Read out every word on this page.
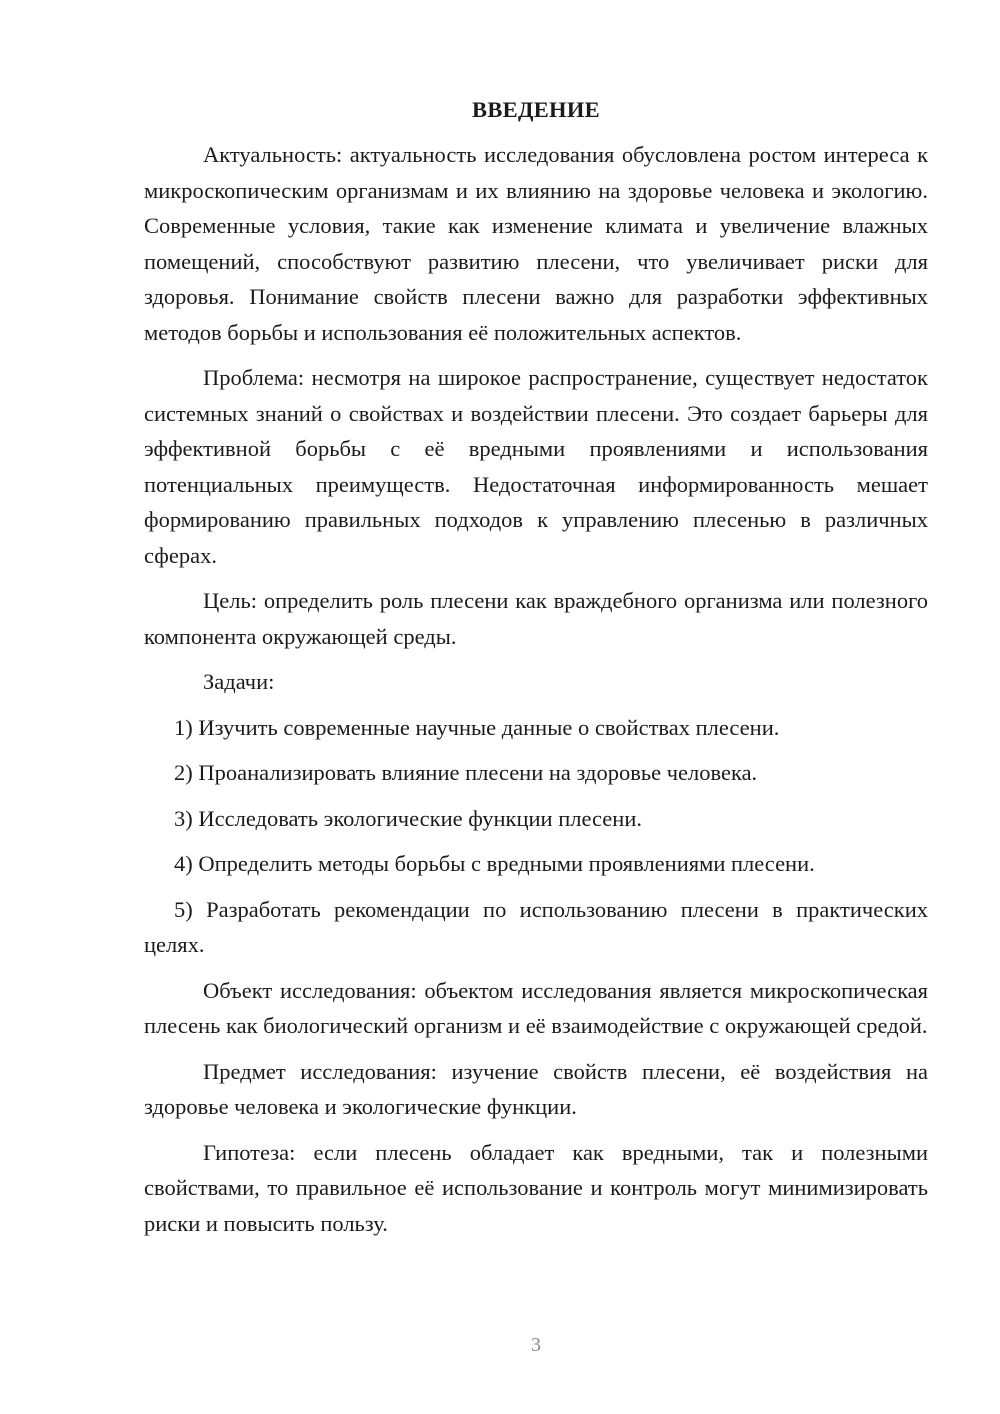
ВВЕДЕНИЕ

Актуальность: актуальность исследования обусловлена ростом интереса к микроскопическим организмам и их влиянию на здоровье человека и экологию. Современные условия, такие как изменение климата и увеличение влажных помещений, способствуют развитию плесени, что увеличивает риски для здоровья. Понимание свойств плесени важно для разработки эффективных методов борьбы и использования её положительных аспектов.

Проблема: несмотря на широкое распространение, существует недостаток системных знаний о свойствах и воздействии плесени. Это создает барьеры для эффективной борьбы с её вредными проявлениями и использования потенциальных преимуществ. Недостаточная информированность мешает формированию правильных подходов к управлению плесенью в различных сферах.

Цель: определить роль плесени как враждебного организма или полезного компонента окружающей среды.

Задачи:

1) Изучить современные научные данные о свойствах плесени.

2) Проанализировать влияние плесени на здоровье человека.

3) Исследовать экологические функции плесени.

4) Определить методы борьбы с вредными проявлениями плесени.

5) Разработать рекомендации по использованию плесени в практических целях.

Объект исследования: объектом исследования является микроскопическая плесень как биологический организм и её взаимодействие с окружающей средой.

Предмет исследования: изучение свойств плесени, её воздействия на здоровье человека и экологические функции.

Гипотеза: если плесень обладает как вредными, так и полезными свойствами, то правильное её использование и контроль могут минимизировать риски и повысить пользу.

3
